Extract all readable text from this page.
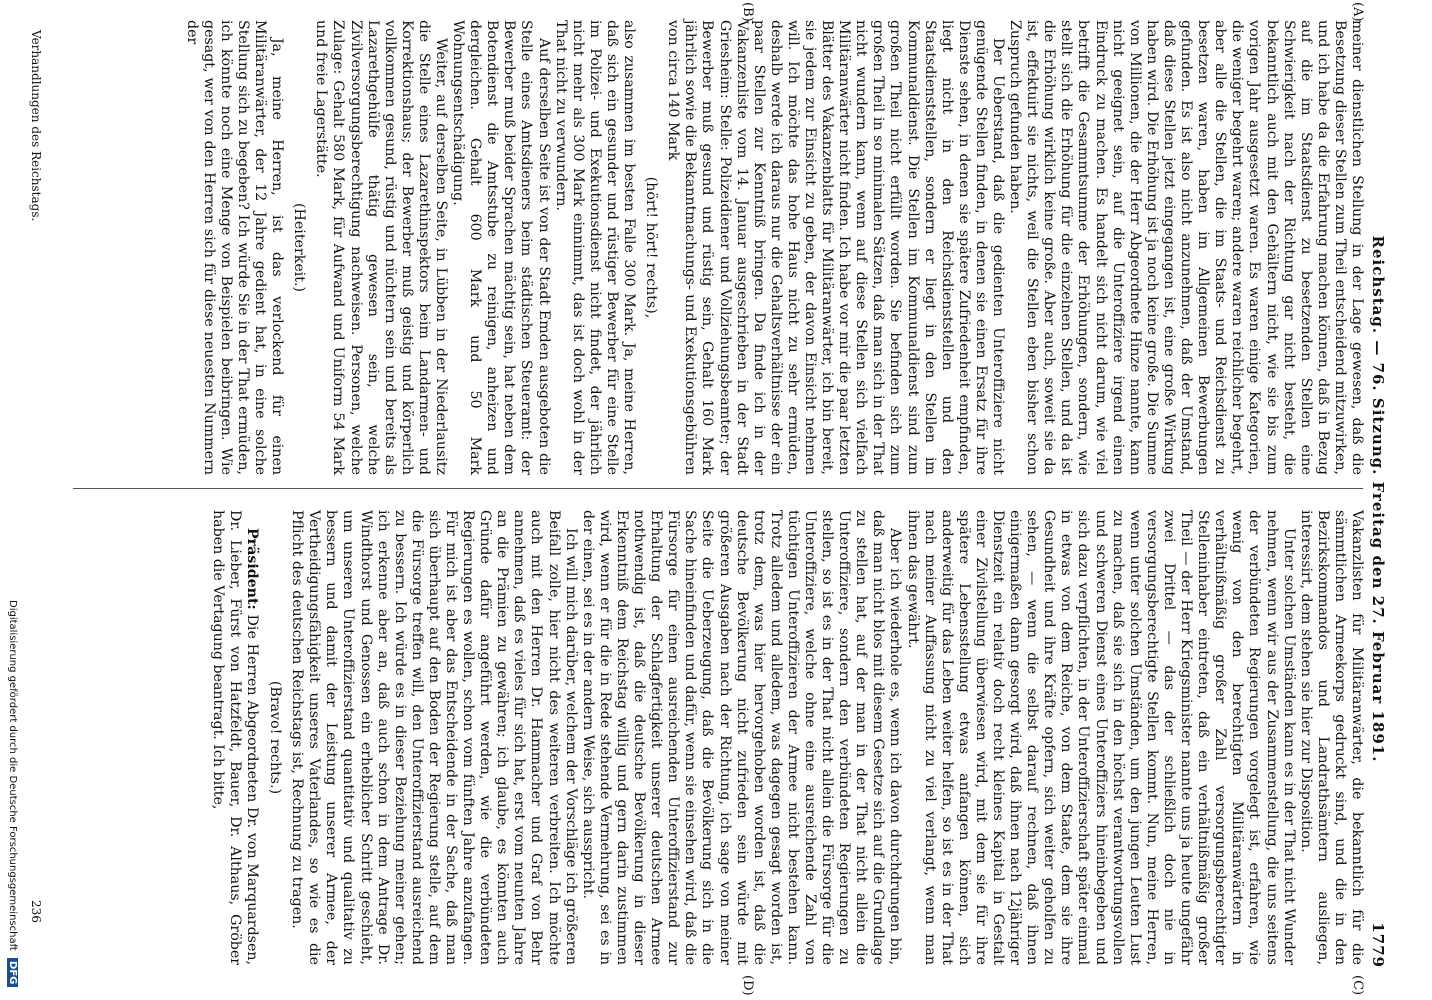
Reichstag. — 76. Sitzung. Freitag den 27. Februar 1891.
1779
(A)
(B)
(C)
(D)

meiner dienstlichen Stellung in der Lage gewesen, daß die Besetzung dieser Stellen zum Theil entscheidend mitzuwirken, und ich habe da die Erfahrung machen können, daß in Bezug auf die im Staatsdienst zu besetzenden Stellen eine Schwierigkeit nach der Richtung gar nicht besteht, die bekanntlich auch mit den Gehältern nicht, wie sie bis zum vorigen Jahr ausgesetzt waren. Es waren einige Kategorien, die weniger begehrt waren; andere waren reichlicher begehrt, aber alle die Stellen, die im Staats- und Reichsdienst zu besetzen waren, haben im Allgemeinen Bewerbungen gefunden. Es ist also nicht anzunehmen, daß der Umstand, daß diese Stellen jetzt eingegangen ist, eine große Wirkung haben wird. Die Erhöhung ist ja noch keine große. Die Summe von Millionen, die der Herr Abgeordnete Hinze nannte, kann nicht geeignet sein, auf die Unteroffiziere irgend einen Eindruck zu machen. Es handelt sich nicht darum, wie viel betrifft die Gesammtsumme der Erhöhungen, sondern, wie stellt sich die Erhöhung für die einzelnen Stellen, und da ist die Erhöhung wirklich keine große. Aber auch, soweit sie da ist, effektuirt sie nichts, weil die Stellen eben bisher schon Zuspruch gefunden haben.

Der Ueberstand, daß die gedienten Unteroffiziere nicht genügende Stellen finden, in denen sie einen Ersatz für ihre Dienste sehen, in denen sie spätere Zufriedenheit empfinden, liegt nicht in den Reichsdienststellen und den Staatsdienststellen, sondern er liegt in den Stellen im Kommunaldienst. Die Stellen im Kommunaldienst sind zum großen Theil nicht erfüllt worden. Sie befinden sich zum großen Theil in so minimalen Sätzen, daß man sich in der That nicht wundern kann, wenn auf diese Stellen sich vielfach Militäranwärter nicht finden. Ich habe vor mir die paar letzten Blätter des Vakanzenblatts für Militäranwärter, ich bin bereit, sie jedem zur Einsicht zu geben, der davon Einsicht nehmen will. Ich möchte das hohe Haus nicht zu sehr ermüden, deshalb werde ich daraus nur die Gehaltsverhältnisse der ein paar Stellen zur Kenntniß bringen. Da finde ich in der Vakanzenliste vom 14. Januar ausgeschrieben in der Stadt Griesheim: Stelle: Polizeidiener und Vollziehungsbeamter; der Bewerber muß gesund und rüstig sein, Gehalt 160 Mark jährlich sowie die Bekanntmachungs- und Exekutionsgebühren von circa 140 Mark

(hört! hört! rechts),

also zusammen im besten Falle 300 Mark. Ja, meine Herren, daß sich ein gesunder und rüstiger Bewerber für eine Stelle im Polizei- und Exekutionsdienst nicht findet, der jährlich nicht mehr als 300 Mark einnimmt, das ist doch wohl in der That nicht zu verwundern.

Auf derselben Seite ist von der Stadt Emden ausgeboten die Stelle eines Amtsdieners beim städtischen Steueramt: der Bewerber muß beider Sprachen mächtig sein, hat neben dem Botendienst die Amtsstube zu reinigen, anheizen und dergleichen. Gehalt 600 Mark und 50 Mark Wohnungsentschädigung.

Weiter, auf derselben Seite, in Lübben in der Niederlausitz die Stelle eines Lazarethinspektors beim Landarmen- und Korrektionshaus; der Bewerber muß geistig und körperlich vollkommen gesund, rüstig und nüchtern sein und bereits als Lazarethgehülfe thätig gewesen sein, welche Zivilversorgungsberechtigung nachweisen. Personen, welche Zulage: Gehalt 580 Mark, für Aufwand und Uniform 54 Mark und freie Lagerstätte.

(Heiterkeit.)

Ja, meine Herren, ist das verlockend für einen Militäranwärter, der 12 Jahre gedient hat, in eine solche Stellung sich zu begeben? Ich würde Sie in der That ermüden, ich könnte noch eine Menge von Beispielen beibringen. Wie gesagt, wer von den Herren sich für diese neuesten Nummern der

Vakanzlisten für Militäranwärter, die bekanntlich für die sämmtlichen Armeekorps gedruckt sind, und die in den Bezirkskommandos und Landrathsämtern ausliegen, interessirt, dem stehen sie hier zur Disposition.

Unter solchen Umständen kann es in der That nicht Wunder nehmen, wenn wir aus der Zusammenstellung, die uns seitens der verbündeten Regierungen vorgelegt ist, erfahren, wie wenig von den berechtigten Militäranwärtern in verhältnißmäßig großer Zahl versorgungsberechtigter Stelleninhaber eintreten, daß ein verhältnißmäßig großer Theil — der Herr Kriegsminister nannte uns ja heute ungefähr zwei Drittel — das der schließlich doch nie in versorgungsberechtigte Stellen kommt. Nun, meine Herren, wenn unter solchen Umständen, um den jungen Leuten Lust zu machen, daß sie sich in den höchst verantwortungsvollen und schweren Dienst eines Unteroffiziers hineinbegeben und sich dazu verpflichten, in der Unteroffizierschaft später einmal in etwas von dem Reiche, von dem Staate, dem sie ihre Gesundheit und ihre Kräfte opfern, sich weiter geholfen zu sehen, — wenn die selbst darauf rechnen, daß ihnen einigermaßen dann gesorgt wird, daß ihnen nach 12jähriger Dienstzeit ein relativ doch recht kleines Kapital in Gestalt einer Zivilstellung überwiesen wird, mit dem sie für ihre spätere Lebensstellung etwas anfangen können, sich anderweitig für das Leben weiter helfen, so ist es in der That nach meiner Auffassung nicht zu viel verlangt, wenn man ihnen das gewährt.

Aber ich wiederhole es, wenn ich davon durchdrungen bin, daß man nicht blos mit diesem Gesetze sich auf die Grundlage zu stellen hat, auf der man in der That nicht allein die Unteroffiziere, sondern den verbündeten Regierungen zu stellen, so ist es in der That nicht allein die Fürsorge für die Unteroffiziere, welche ohne eine ausreichende Zahl von tüchtigen Unteroffizieren der Armee nicht bestehen kann. Trotz alledem und alledem, was dagegen gesagt worden ist, trotz dem, was hier hervorgehoben worden ist, daß die deutsche Bevölkerung nicht zufrieden sein würde mit größeren Ausgaben nach der Richtung, ich sage von meiner Seite die Ueberzeugung, daß die Bevölkerung sich in die Sache hineinfinden und dafür, wenn sie einsehen wird, daß die Fürsorge für einen ausreichenden Unteroffizierstand zur Erhaltung der Schlagfertigkeit unserer deutschen Armee nothwendig ist, daß die deutsche Bevölkerung in dieser Erkenntniß dem Reichstag willig und gern darin zustimmen wird, wenn er für die in Rede stehende Vermehrung, sei es in der einen, sei es in der andern Weise, sich ausspricht.

Ich will mich darüber, welchem der Vorschläge ich größeren Beifall zolle, hier nicht des weiteren verbreiten. Ich möchte auch mit den Herren Dr. Hammacher und Graf von Behr annehmen, daß es vieles für sich hat, erst vom neunten Jahre an die Prämien zu gewähren; ich glaube, es könnten auch Gründe dafür angeführt werden, wie die verbündeten Regierungen es wollen, schon vom fünften Jahre anzufangen. Für mich ist aber das Entscheidende in der Sache, daß man sich überhaupt auf den Boden der Regierung stelle, auf dem die Fürsorge treffen will, den Unteroffizierstand ausreichend zu bessern. Ich würde es in dieser Beziehung meiner gehen; ich erkenne aber an, daß auch schon in dem Antrage Dr. Windthorst und Genossen ein erheblicher Schritt geschieht, um unseren Unteroffizierstand quantitativ und qualitativ zu bessern und damit der Leistung unserer Armee, der Vertheidigungsfähigkeit unseres Vaterlandes, so wie es die Pflicht des deutschen Reichstags ist, Rechnung zu tragen.

(Bravo! rechts.)

Präsident: Die Herren Abgeordneten Dr. von Marquardsen, Dr. Lieber, Fürst von Hatzfeldt, Bauer, Dr. Althaus, Gröber haben die Vertagung beantragt. Ich bitte,

Verhandlungen des Reichstags.
236
Digitalisierung gefördert durch die Deutsche Forschungsgemeinschaft DFG
